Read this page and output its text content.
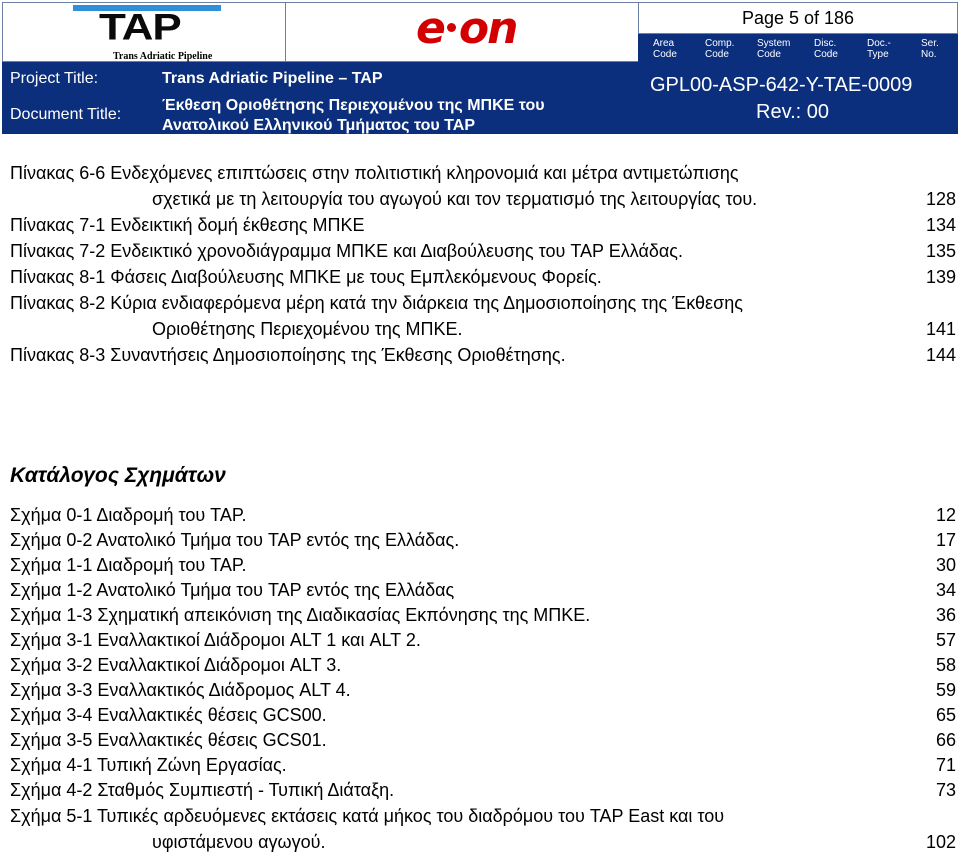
TAP
Trans Adriatic Pipeline
e on	Page 5 of 186
Area
Code
Comp.
Code
System
Code
Disc.
Code
Doc.-
Type
Ser.
No.
Project Title:	Trans Adriatic Pipeline – TAP
Document Title:
Έκθεση Οριοθέτησης Περιεχομένου της ΜΠΚΕ του
Ανατολικού Ελληνικού Τμήματος του TAP
GPL00-ASP-642-Y-TAE-0009
Rev.: 00
Πίνακας 6-6 Ενδεχόμενες επιπτώσεις στην πολιτιστική κληρονομιά και μέτρα αντιμετώπισης
σχετικά με τη λειτουργία του αγωγού και τον τερματισμό της λειτουργίας του.	128
Πίνακας 7-1 Ενδεικτική δομή έκθεσης ΜΠΚΕ	134
Πίνακας 7-2 Ενδεικτικό χρονοδιάγραμμα ΜΠΚΕ και Διαβούλευσης του TAP Ελλάδας.	135
Πίνακας 8-1 Φάσεις Διαβούλευσης ΜΠΚΕ με τους Εμπλεκόμενους Φορείς.	139
Πίνακας 8-2 Κύρια ενδιαφερόμενα μέρη κατά την διάρκεια της Δημοσιοποίησης της Έκθεσης
Οριοθέτησης Περιεχομένου της ΜΠΚΕ.	141
Πίνακας 8-3 Συναντήσεις Δημοσιοποίησης της Έκθεσης Οριοθέτησης.	144
Κατάλογος Σχημάτων
Σχήμα 0-1 Διαδρομή του TAP.	12
Σχήμα 0-2 Ανατολικό Τμήμα του TAP εντός της Ελλάδας.	17
Σχήμα 1-1 Διαδρομή του TAP.	30
Σχήμα 1-2 Ανατολικό Τμήμα του TAP εντός της Ελλάδας	34
Σχήμα 1-3 Σχηματική απεικόνιση της Διαδικασίας Εκπόνησης της ΜΠΚΕ.	36
Σχήμα 3-1 Εναλλακτικοί Διάδρομοι ALT 1 και ALT 2.	57
Σχήμα 3-2 Εναλλακτικοί Διάδρομοι ALT 3.	58
Σχήμα 3-3 Εναλλακτικός Διάδρομος ALT 4.	59
Σχήμα 3-4 Εναλλακτικές θέσεις GCS00.	65
Σχήμα 3-5 Εναλλακτικές θέσεις GCS01.	66
Σχήμα 4-1 Τυπική Ζώνη Εργασίας.	71
Σχήμα 4-2 Σταθμός Συμπιεστή - Τυπική Διάταξη.	73
Σχήμα 5-1 Τυπικές αρδευόμενες εκτάσεις κατά μήκος του διαδρόμου του TAP East και του
υφιστάμενου αγωγού.	102
